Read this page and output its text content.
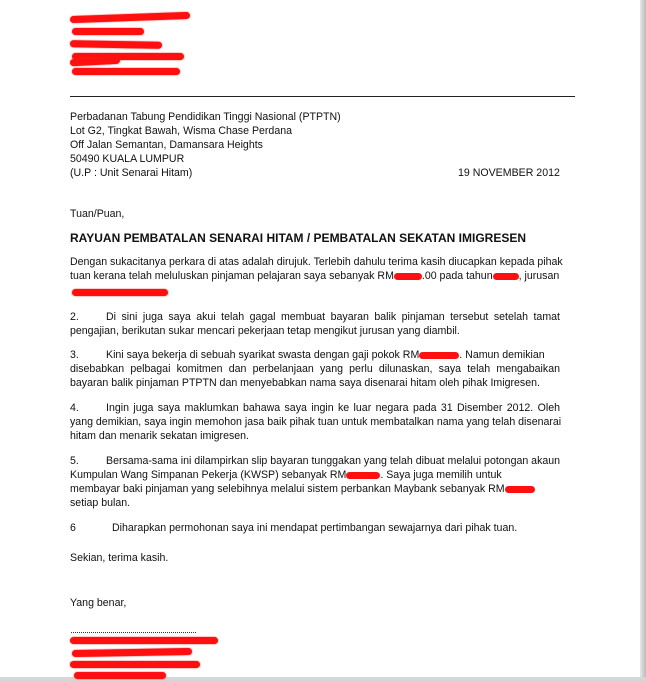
Perbadanan Tabung Pendidikan Tinggi Nasional (PTPTN)

Lot G2, Tingkat Bawah, Wisma Chase Perdana

Off Jalan Semantan, Damansara Heights

50490 KUALA LUMPUR

(U.P : Unit Senarai Hitam)	19 NOVEMBER 2012

Tuan/Puan,

RAYUAN PEMBATALAN SENARAI HITAM / PEMBATALAN SEKATAN IMIGRESEN

Dengan sukacitanya perkara di atas adalah dirujuk. Terlebih dahulu terima kasih diucapkan kepada pihak
tuan kerana telah meluluskan pinjaman pelajaran saya sebanyak RM	.00 pada tahun , jurusan
2.	Di sini juga saya akui telah gagal membuat bayaran balik pinjaman tersebut setelah tamat
pengajian, berikutan sukar mencari pekerjaan tetap mengikut jurusan yang diambil.
3.	Kini saya bekerja di sebuah syarikat swasta dengan gaji pokok RM	. Namun demikian
disebabkan pelbagai komitmen dan perbelanjaan yang perlu dilunaskan, saya telah mengabaikan
bayaran balik pinjaman PTPTN dan menyebabkan nama saya disenarai hitam oleh pihak Imigresen.
4.	Ingin juga saya maklumkan bahawa saya ingin ke luar negara pada 31 Disember 2012. Oleh
yang demikian, saya ingin memohon jasa baik pihak tuan untuk membatalkan nama yang telah disenarai
hitam dan menarik sekatan imigresen.
5.	Bersama-sama ini dilampirkan slip bayaran tunggakan yang telah dibuat melalui potongan akaun
Kumpulan Wang Simpanan Pekerja (KWSP) sebanyak RM	. Saya juga memilih untuk
membayar baki pinjaman yang selebihnya melalui sistem perbankan Maybank sebanyak RM
setiap bulan.
6	Diharapkan permohonan saya ini mendapat pertimbangan sewajarnya dari pihak tuan.

Sekian, terima kasih.

Yang benar,
